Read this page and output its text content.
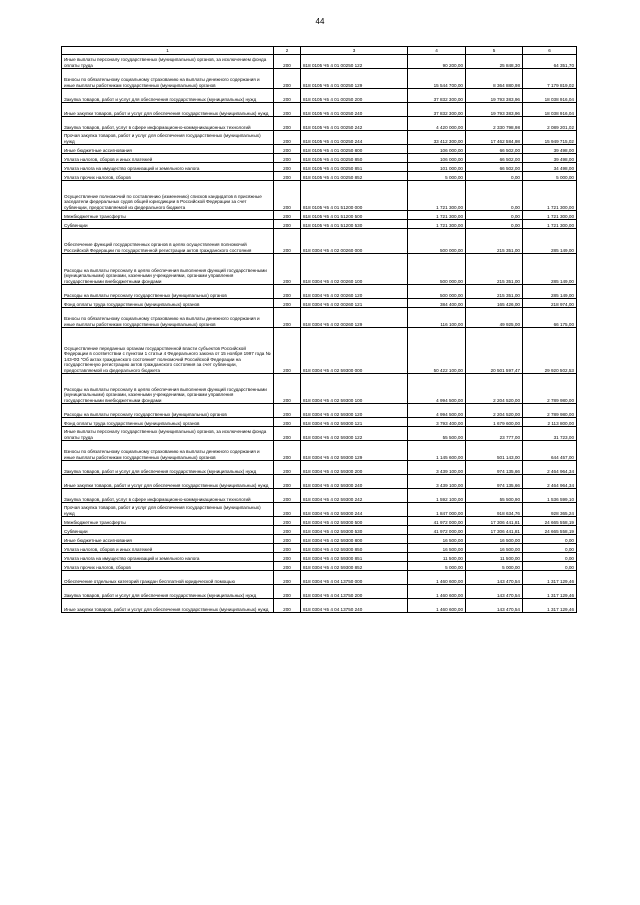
44
1	2	3	4	5	6
Иные выплаты персоналу государственных (муниципальных) органов, за исключением фонда оплаты труда	200	818 0105 Ч5 4 01 00250 122	90 200,00	25 848,30	64 351,70
Взносы по обязательному социальному страхованию на выплаты денежного содержания и иные выплаты работникам государственных (муниципальных) органов	200	818 0105 Ч5 4 01 00250 129	15 544 700,00	8 364 880,98	7 179 819,02
Закупка товаров, работ и услуг для обеспечения государственных (муниципальных) нужд	200	818 0105 Ч5 4 01 00250 200	37 832 300,00	19 793 383,96	18 038 916,04
Иные закупки товаров, работ и услуг для обеспечения государственных (муниципальных) нужд	200	818 0105 Ч5 4 01 00250 240	37 832 300,00	19 793 383,96	18 038 916,04
Закупка товаров, работ, услуг в сфере информационно-коммуникационных технологий	200	818 0105 Ч5 4 01 00250 242	4 420 000,00	2 330 798,98	2 089 201,02
Прочая закупка товаров, работ и услуг для обеспечения государственных (муниципальных) нужд	200	818 0105 Ч5 4 01 00250 244	33 412 300,00	17 462 584,98	15 949 715,02
Иные бюджетные ассигнования	200	818 0105 Ч5 4 01 00250 800	106 000,00	66 502,00	39 498,00
Уплата налогов, сборов и иных платежей	200	818 0105 Ч5 4 01 00250 850	106 000,00	66 502,00	39 498,00
Уплата налога на имущество организаций и земельного налога	200	818 0105 Ч5 4 01 00250 851	101 000,00	66 502,00	34 498,00
Уплата прочих налогов, сборов	200	818 0105 Ч5 4 01 00250 852	5 000,00	0,00	5 000,00
Осуществление полномочий по составлению (изменению) списков кандидатов в присяжные заседатели федеральных судов общей юрисдикции в Российской Федерации за счет субвенции, предоставляемой из федерального бюджета	200	818 0105 Ч5 4 01 51200 000	1 721 300,00	0,00	1 721 300,00
Межбюджетные трансферты	200	818 0105 Ч5 4 01 51200 500	1 721 300,00	0,00	1 721 300,00
Субвенции	200	818 0105 Ч5 4 01 51200 530	1 721 300,00	0,00	1 721 300,00
Обеспечение функций государственных органов в целях осуществления полномочий Российской Федерации по государственной регистрации актов гражданского состояния	200	818 0304 Ч5 4 02 00260 000	500 000,00	215 351,00	285 149,00
Расходы на выплаты персоналу в целях обеспечения выполнения функций государственными (муниципальными) органами, казенными учреждениями, органами управления государственными внебюджетными фондами	200	818 0304 Ч5 4 02 00260 100	500 000,00	215 351,00	285 149,00
Расходы на выплаты персоналу государственных (муниципальных) органов	200	818 0304 Ч5 4 02 00260 120	500 000,00	215 351,00	285 149,00
Фонд оплаты труда государственных (муниципальных) органов	200	818 0304 Ч5 4 02 00260 121	384 400,00	165 426,00	218 974,00
Взносы по обязательному социальному страхованию на выплаты денежного содержания и иные выплаты работникам государственных (муниципальных) органов	200	818 0304 Ч5 4 02 00260 129	116 100,00	49 925,00	66 175,00
Осуществление переданных органам государственной власти субъектов Российской Федерации в соответствии с пунктом 1 статьи 4 Федерального закона от 15 ноября 1997 года № 143-ФЗ "Об актах гражданского состояния" полномочий Российской Федерации на государственную регистрацию актов гражданского состояния за счет субвенции, предоставляемой из федерального бюджета	200	818 0304 Ч5 4 02 59300 000	50 422 100,00	20 501 597,47	29 920 502,53
Расходы на выплаты персоналу в целях обеспечения выполнения функций государственными (муниципальными) органами, казенными учреждениями, органами управления государственными внебюджетными фондами	200	818 0304 Ч5 4 02 59300 100	4 994 500,00	2 204 520,00	2 789 980,00
Расходы на выплаты персоналу государственных (муниципальных) органов	200	818 0304 Ч5 4 02 59300 120	4 994 500,00	2 204 520,00	2 789 980,00
Фонд оплаты труда государственных (муниципальных) органов	200	818 0304 Ч5 4 02 59300 121	3 793 400,00	1 679 600,00	2 113 800,00
Иные выплаты персоналу государственных (муниципальных) органов, за исключением фонда оплаты труда	200	818 0304 Ч5 4 02 59300 122	55 500,00	23 777,00	31 723,00
Взносы по обязательному социальному страхованию на выплаты денежного содержания и иные выплаты работникам государственных (муниципальных) органов	200	818 0304 Ч5 4 02 59300 129	1 145 600,00	501 143,00	644 457,00
Закупка товаров, работ и услуг для обеспечения государственных (муниципальных) нужд	200	818 0304 Ч5 4 02 59300 200	3 439 100,00	974 135,66	2 464 964,34
Иные закупки товаров, работ и услуг для обеспечения государственных (муниципальных) нужд	200	818 0304 Ч5 4 02 59300 240	3 439 100,00	974 135,66	2 464 964,34
Закупка товаров, работ, услуг в сфере информационно-коммуникационных технологий	200	818 0304 Ч5 4 02 59300 242	1 592 100,00	55 500,90	1 536 599,10
Прочая закупка товаров, работ и услуг для обеспечения государственных (муниципальных) нужд	200	818 0304 Ч5 4 02 59300 244	1 847 000,00	918 634,76	928 365,24
Межбюджетные трансферты	200	818 0304 Ч5 4 02 59300 500	41 972 000,00	17 306 441,81	24 665 558,19
Субвенции	200	818 0304 Ч5 4 02 59300 530	41 972 000,00	17 306 441,81	24 665 558,19
Иные бюджетные ассигнования	200	818 0304 Ч5 4 02 59300 800	16 500,00	16 500,00	0,00
Уплата налогов, сборов и иных платежей	200	818 0304 Ч5 4 02 59300 850	16 500,00	16 500,00	0,00
Уплата налога на имущество организаций и земельного налога	200	818 0304 Ч5 4 02 59300 851	11 500,00	11 500,00	0,00
Уплата прочих налогов, сборов	200	818 0304 Ч5 4 02 59300 852	5 000,00	5 000,00	0,00
Обеспечение отдельных категорий граждан бесплатной юридической помощью	200	818 0304 Ч5 4 04 13750 000	1 460 600,00	143 470,54	1 317 129,46
Закупка товаров, работ и услуг для обеспечения государственных (муниципальных) нужд	200	818 0304 Ч5 4 04 13750 200	1 460 600,00	143 470,54	1 317 129,46
Иные закупки товаров, работ и услуг для обеспечения государственных (муниципальных) нужд	200	818 0304 Ч5 4 04 13750 240	1 460 600,00	143 470,54	1 317 129,46
